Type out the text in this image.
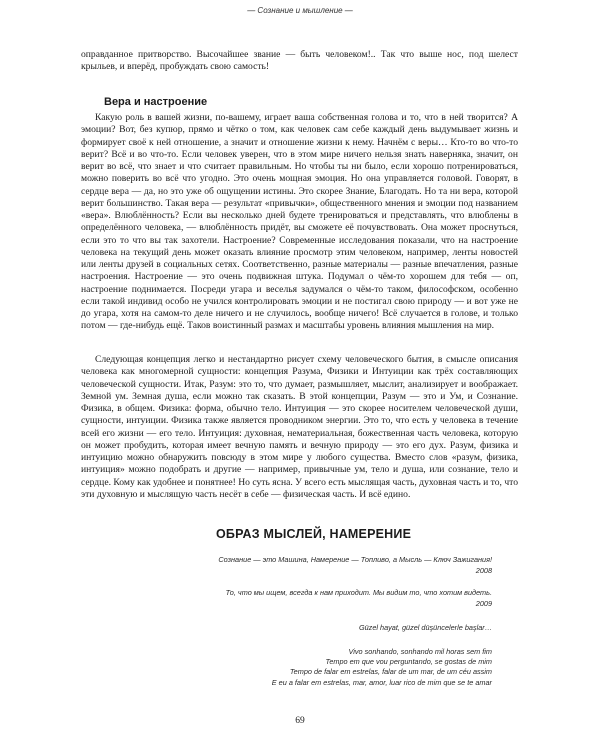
— Сознание и мышление —

оправданное притворство. Высочайшее звание — быть человеком!.. Так что выше нос, под шелест крыльев, и вперёд, пробуждать свою самость!

Вера и настроение

Какую роль в вашей жизни, по-вашему, играет ваша собственная голова и то, что в ней творится? А эмоции? Вот, без купюр, прямо и чётко о том, как человек сам себе каждый день выдумывает жизнь и формирует своё к ней отношение, а значит и отношение жизни к нему. Начнём с веры… Кто-то во что-то верит? Всё и во что-то. Если человек уверен, что в этом мире ничего нельзя знать наверняка, значит, он верит во всё, что знает и что считает правильным. Но чтобы ты ни было, если хорошо потренироваться, можно поверить во всё что угодно. Это очень мощная эмоция. Но она управляется головой. Говорят, в сердце вера — да, но это уже об ощущении истины. Это скорее Знание, Благодать. Но та ни вера, которой верит большинство. Такая вера — результат «привычки», общественного мнения и эмоции под названием «вера». Влюблённость? Если вы несколько дней будете тренироваться и представлять, что влюблены в определённого человека, — влюблённость придёт, вы сможете её почувствовать. Она может проснуться, если это то что вы так захотели. Настроение? Современные исследования показали, что на настроение человека на текущий день может оказать влияние просмотр этим человеком, например, ленты новостей или ленты друзей в социальных сетях. Соответственно, разные материалы — разные впечатления, разные настроения. Настроение — это очень подвижная штука. Подумал о чём-то хорошем для тебя — оп, настроение поднимается. Посреди угара и веселья задумался о чём-то таком, философском, особенно если такой индивид особо не учился контролировать эмоции и не постигал свою природу — и вот уже не до угара, хотя на самом-то деле ничего и не случилось, вообще ничего! Всё случается в голове, и только потом — где-нибудь ещё. Таков воистинный размах и масштабы уровень влияния мышления на мир.

Следующая концепция легко и нестандартно рисует схему человеческого бытия, в смысле описания человека как многомерной сущности: концепция Разума, Физики и Интуиции как трёх составляющих человеческой сущности. Итак, Разум: это то, что думает, размышляет, мыслит, анализирует и воображает. Земной ум. Земная душа, если можно так сказать. В этой концепции, Разум — это и Ум, и Сознание. Физика, в общем. Физика: форма, обычно тело. Интуиция — это скорее носителем человеческой души, сущности, интуиции. Физика также является проводником энергии. Это то, что есть у человека в течение всей его жизни — его тело. Интуиция: духовная, нематериальная, божественная часть человека, которую он может пробудить, которая имеет вечную память и вечную природу — это его дух. Разум, физика и интуицию можно обнаружить повсюду в этом мире у любого существа. Вместо слов «разум, физика, интуиция» можно подобрать и другие — например, привычные ум, тело и душа, или сознание, тело и сердце. Кому как удобнее и понятнее! Но суть ясна. У всего есть мыслящая часть, духовная часть и то, что эти духовную и мыслящую часть несёт в себе — физическая часть. И всё едино.

ОБРАЗ МЫСЛЕЙ, НАМЕРЕНИЕ
Сознание — это Машина, Намерение — Топливо, а Мысль — Ключ Зажигания!
2008
То, что мы ищем, всегда к нам приходит. Мы видим то, что хотим видеть.
2009
Güzel hayat, güzel düşüncelerle başlar…
Vivo sonhando, sonhando mil horas sem fim
Tempo em que vou perguntando, se gostas de mim
Tempo de falar em estrelas, falar de um mar, de um céu assim
E eu a falar em estrelas, mar, amor, luar rico de mim que se te amar
69
